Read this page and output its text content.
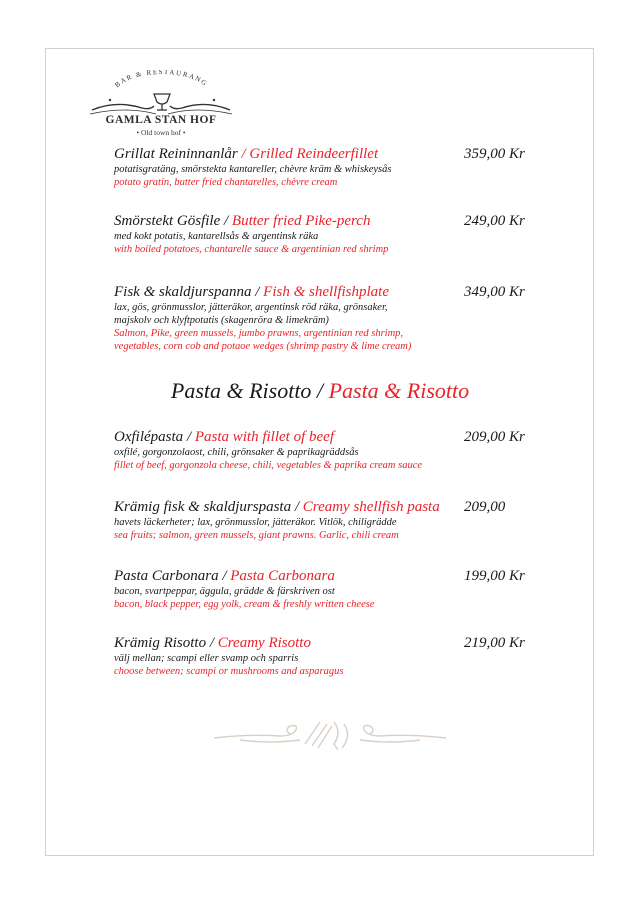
BAR & RESTAURANG
GAMLA STAN HOF
• Old town hof •
Grillat Reininnanlår / Grilled Reindeerfillet	359,00 Kr
potatisgratäng, smörstekta kantareller, chèvre kräm & whiskeysås
potato gratin, butter fried chantarelles, chèvre cream
Smörstekt Gösfile / Butter fried Pike-perch	249,00 Kr
med kokt potatis, kantarellsås & argentinsk räka
with boiled potatoes, chantarelle sauce & argentinian red shrimp
Fisk & skaldjurspanna / Fish & shellfishplate	349,00 Kr
lax, gös, grönmusslor, jätteräkor, argentinsk röd räka, grönsaker,
majskolv och klyftpotatis (skagenröra & limekräm)
Salmon, Pike, green mussels, jumbo prawns, argentinian red shrimp,
vegetables, corn cob and potaoe wedges (shrimp pastry & lime cream)
Pasta & Risotto / Pasta & Risotto
Oxfilépasta / Pasta with fillet of beef	209,00 Kr
oxfilé, gorgonzolaost, chili, grönsaker & paprikagräddsås
fillet of beef, gorgonzola cheese, chili, vegetables & paprika cream sauce
Krämig fisk & skaldjurspasta / Creamy shellfish pasta	209,00
havets läckerheter; lax, grönmusslor, jätteräkor. Vitlök, chiligrädde
sea fruits; salmon, green mussels, giant prawns. Garlic, chili cream
Pasta Carbonara / Pasta Carbonara	199,00 Kr
bacon, svartpeppar, äggula, grädde & färskriven ost
bacon, black pepper, egg yolk, cream & freshly written cheese
Krämig Risotto / Creamy Risotto	219,00 Kr
välj mellan; scampi eller svamp och sparris
choose between; scampi or mushrooms and asparagus
